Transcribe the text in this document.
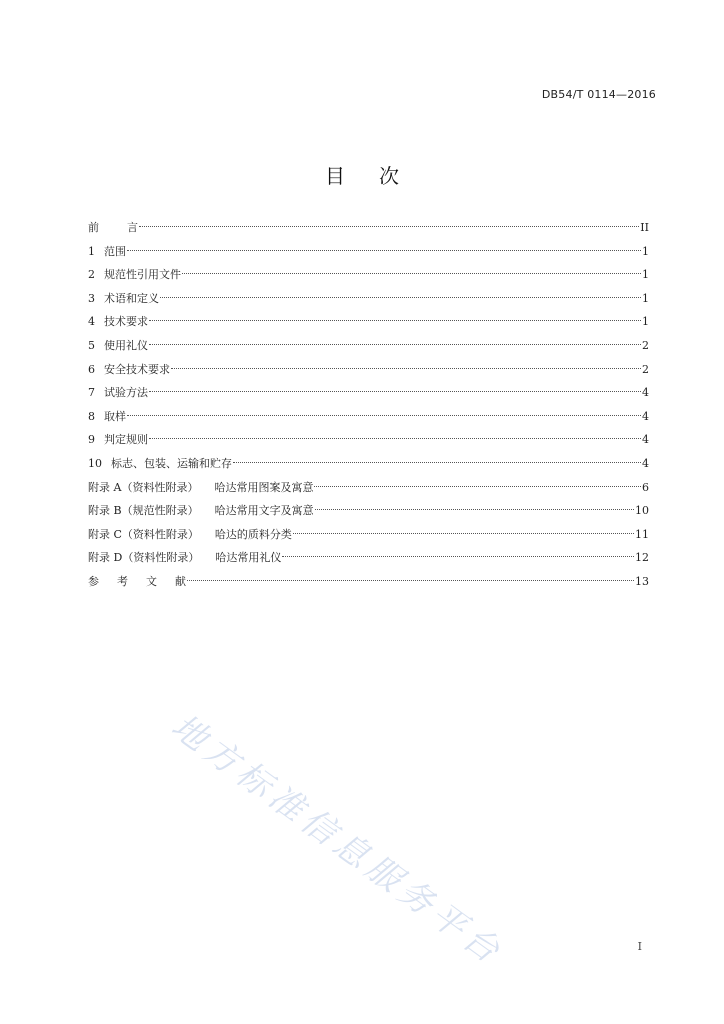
DB54/T 0114—2016
目 次
前	言	II
1 范围	1
2 规范性引用文件	1
3 术语和定义	1
4 技术要求	1
5 使用礼仪	2
6 安全技术要求	2
7 试验方法	4
8 取样	4
9 判定规则	4
10 标志、包装、运输和贮存	4
附录 A（资料性附录） 哈达常用图案及寓意	6
附录 B（规范性附录） 哈达常用文字及寓意	10
附录 C（资料性附录） 哈达的质料分类	11
附录 D（资料性附录） 哈达常用礼仪	12
参 考 文 献	13
I
地方标准信息服务平台
